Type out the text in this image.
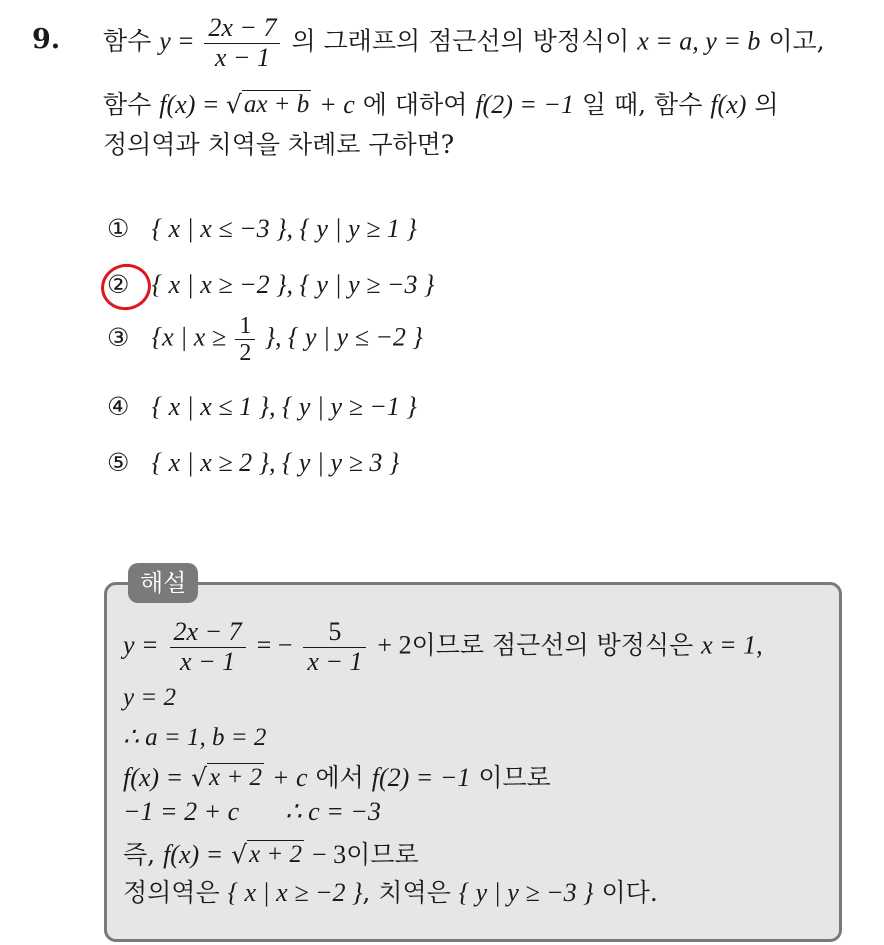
9. 함수 $y = \frac{2x - 7}{x - 1}$ 의 그래프의 점근선의 방정식이 x = a, y = b 이고,
함수 f(x) = √ ax + b + c 에 대하여 f(2) = −1 일 때, 함수 f(x) 의
정의역과 치역을 차례로 구하면?
① { x | x ≤ −3 }, { y | y ≥ 1 }
② { x | x ≥ −2 }, { y | y ≥ −3 }
③ {x | $x \ge \frac{1}{2}$ }, { y | y ≤ −2 }
④ { x | x ≤ 1 }, { y | y ≥ −1 }
⑤ { x | x ≥ 2 }, { y | y ≥ 3 }
해설
$y = \frac{2x - 7}{x - 1}$ = − $\frac{5}{x - 1} + 2$이므로 점근선의 방정식은 x = 1,
y = 2
∴ a = 1, b = 2
f(x) = √ x + 2 + c 에서 f(2) = −1 이므로
−1 = 2 + c ∴ c = −3
즉, f(x) = √ x + 2 − 3이므로
정의역은 { x | x ≥ −2 }, 치역은 { y | y ≥ −3 } 이다.
